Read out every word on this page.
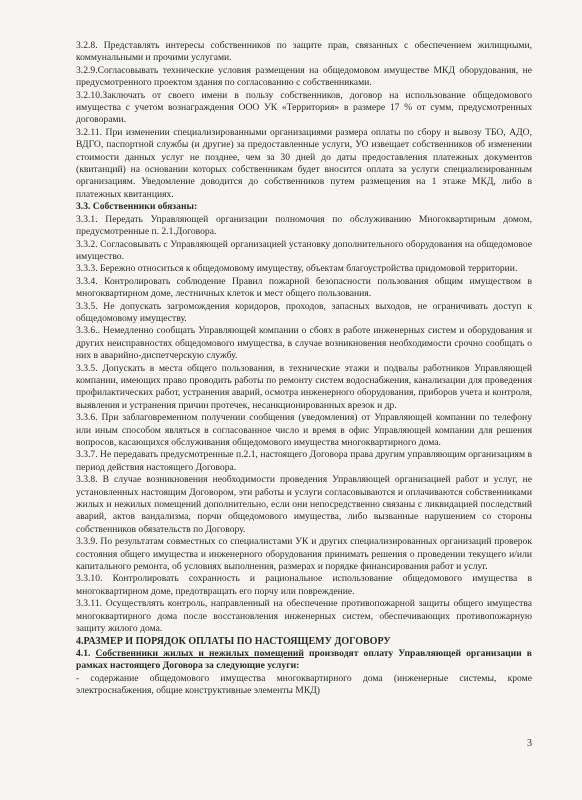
3.2.8. Представлять интересы собственников по защите прав, связанных с обеспечением жилищными, коммунальными и прочими услугами.

3.2.9.Согласовывать технические условия размещения на общедомовом имуществе МКД оборудования, не предусмотренного проектом здания по согласованию с собственниками.

3.2.10.Заключать от своего имени в пользу собственников, договор на использование общедомового имущества с учетом вознаграждения ООО УК «Территория» в размере 17 % от сумм, предусмотренных договорами.

3.2.11. При изменении специализированными организациями размера оплаты по сбору и вывозу ТБО, АДО, ВДГО, паспортной службы (и другие) за предоставленные услуги, УО извещает собственников об изменении стоимости данных услуг не позднее, чем за 30 дней до даты предоставления платежных документов (квитанций) на основании которых собственникам будет вносится оплата за услуги специализированным организациям. Уведомление доводится до собственников путем размещения на 1 этаже МКД, либо в платежных квитанциях.

3.3. Собственники обязаны:

3.3.1. Передать Управляющей организации полномочия по обслуживанию Многоквартирным домом, предусмотренные п. 2.1.Договора.

3.3.2. Согласовывать с Управляющей организацией установку дополнительного оборудования на общедомовое имущество.

3.3.3. Бережно относиться к общедомовому имуществу, объектам благоустройства придомовой территории.

3.3.4. Контролировать соблюдение Правил пожарной безопасности пользования общим имуществом в многоквартирном доме, лестничных клеток и мест общего пользования.

3.3.5. Не допускать загромождения коридоров, проходов, запасных выходов, не ограничивать доступ к общедомовому имуществу.

3.3.6.. Немедленно сообщать Управляющей компании о сбоях в работе инженерных систем и оборудования и других неисправностях общедомового имущества, в случае возникновения необходимости срочно сообщать о них в аварийно-диспетчерскую службу.

3.3.5. Допускать в места общего пользования, в технические этажи и подвалы работников Управляющей компании, имеющих право проводить работы по ремонту систем водоснабжения, канализации для проведения профилактических работ, устранения аварий, осмотра инженерного оборудования, приборов учета и контроля, выявления и устранения причин протечек, несанкционированных врезок и др.

3.3.6. При заблаговременном получении сообщения (уведомления) от Управляющей компании по телефону или иным способом являться в согласованное число и время в офис Управляющей компании для решения вопросов, касающихся обслуживания общедомового имущества многоквартирного дома.

3.3.7. Не передавать предусмотренные п.2.1, настоящего Договора права другим управляющим организациям в период действия настоящего Договора.

3.3.8. В случае возникновения необходимости проведения Управляющей организацией работ и услуг, не установленных настоящим Договором, эти работы и услуги согласовываются и оплачиваются собственниками жилых и нежилых помещений дополнительно, если они непосредственно связаны с ликвидацией последствий аварий, актов вандализма, порчи общедомового имущества, либо вызванные нарушением со стороны собственников обязательств по Договору.

3.3.9. По результатам совместных со специалистами УК и других специализированных организаций проверок состояния общего имущества и инженерного оборудования принимать решения о проведении текущего и/или капитального ремонта, об условиях выполнения, размерах и порядке финансирования работ и услуг.

3.3.10. Контролировать сохранность и рациональное использование общедомового имущества в многоквартирном доме, предотвращать его порчу или повреждение.

3.3.11. Осуществлять контроль, направленный на обеспечение противопожарной защиты общего имущества многоквартирного дома после восстановления инженерных систем, обеспечивающих противопожарную защиту жилого дома.

4.РАЗМЕР И ПОРЯДОК ОПЛАТЫ ПО НАСТОЯЩЕМУ ДОГОВОРУ

4.1. Собственники жилых и нежилых помещений производят оплату Управляющей организации в рамках настоящего Договора за следующие услуги:

- содержание общедомового имущества многоквартирного дома (инженерные системы, кроме электроснабжения, общие конструктивные элементы МКД)

3
